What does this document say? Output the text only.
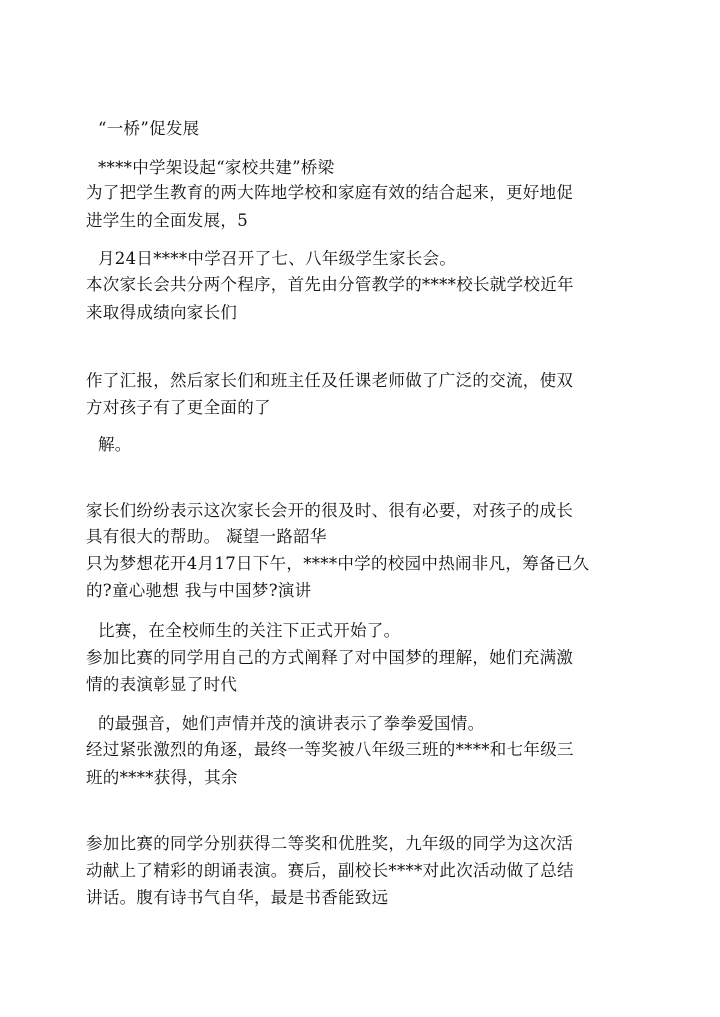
“一桥”促发展
****中学架设起“家校共建”桥梁
为了把学生教育的两大阵地学校和家庭有效的结合起来，更好地促
进学生的全面发展，5
月24日****中学召开了七、八年级学生家长会。
本次家长会共分两个程序，首先由分管教学的****校长就学校近年
来取得成绩向家长们
作了汇报，然后家长们和班主任及任课老师做了广泛的交流，使双
方对孩子有了更全面的了
解。
家长们纷纷表示这次家长会开的很及时、很有必要，对孩子的成长
具有很大的帮助。 凝望一路韶华
只为梦想花开4月17日下午，****中学的校园中热闹非凡，筹备已久
的?童心驰想 我与中国梦?演讲
比赛，在全校师生的关注下正式开始了。
参加比赛的同学用自己的方式阐释了对中国梦的理解，她们充满激
情的表演彰显了时代
的最强音，她们声情并茂的演讲表示了拳拳爱国情。
经过紧张激烈的角逐，最终一等奖被八年级三班的****和七年级三
班的****获得，其余
参加比赛的同学分别获得二等奖和优胜奖，九年级的同学为这次活
动献上了精彩的朗诵表演。赛后，副校长****对此次活动做了总结
讲话。腹有诗书气自华，最是书香能致远
